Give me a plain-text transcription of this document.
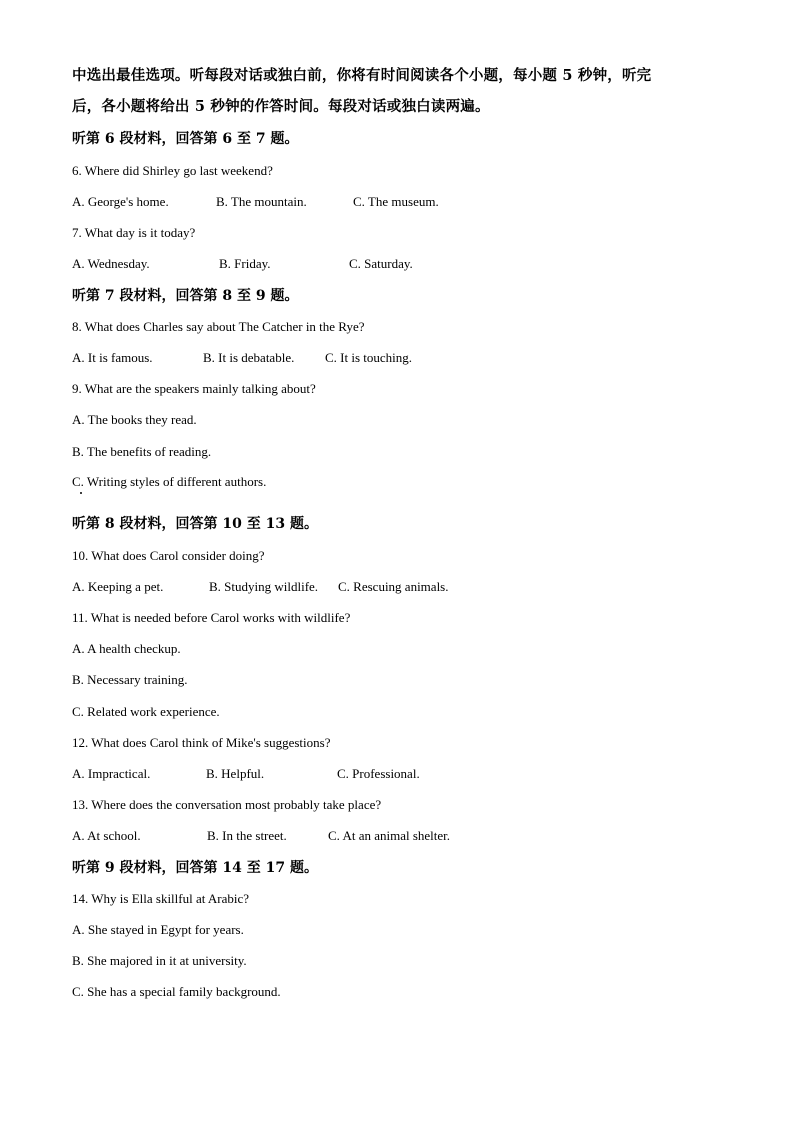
中选出最佳选项。听每段对话或独白前，你将有时间阅读各个小题，每小题 5 秒钟，听完
后，各小题将给出 5 秒钟的作答时间。每段对话或独白读两遍。
听第 6 段材料，回答第 6 至 7 题。
6. Where did Shirley go last weekend?
A. George's home.	B. The mountain.	C. The museum.
7. What day is it today?
A. Wednesday.	B. Friday.	C. Saturday.
听第 7 段材料，回答第 8 至 9 题。
8. What does Charles say about The Catcher in the Rye?
A. It is famous.	B. It is debatable. C. It is touching.
9. What are the speakers mainly talking about?
A. The books they read.
B. The benefits of reading.
C. Writing styles of different authors.
听第 8 段材料，回答第 10 至 13 题。
10. What does Carol consider doing?
A. Keeping a pet.	B. Studying wildlife. C. Rescuing animals.
11. What is needed before Carol works with wildlife?
A. A health checkup.
B. Necessary training.
C. Related work experience.
12. What does Carol think of Mike's suggestions?
A. Impractical.	B. Helpful.	C. Professional.
13. Where does the conversation most probably take place?
A. At school.	B. In the street.	C. At an animal shelter.
听第 9 段材料，回答第 14 至 17 题。
14. Why is Ella skillful at Arabic?
A. She stayed in Egypt for years.
B. She majored in it at university.
C. She has a special family background.
